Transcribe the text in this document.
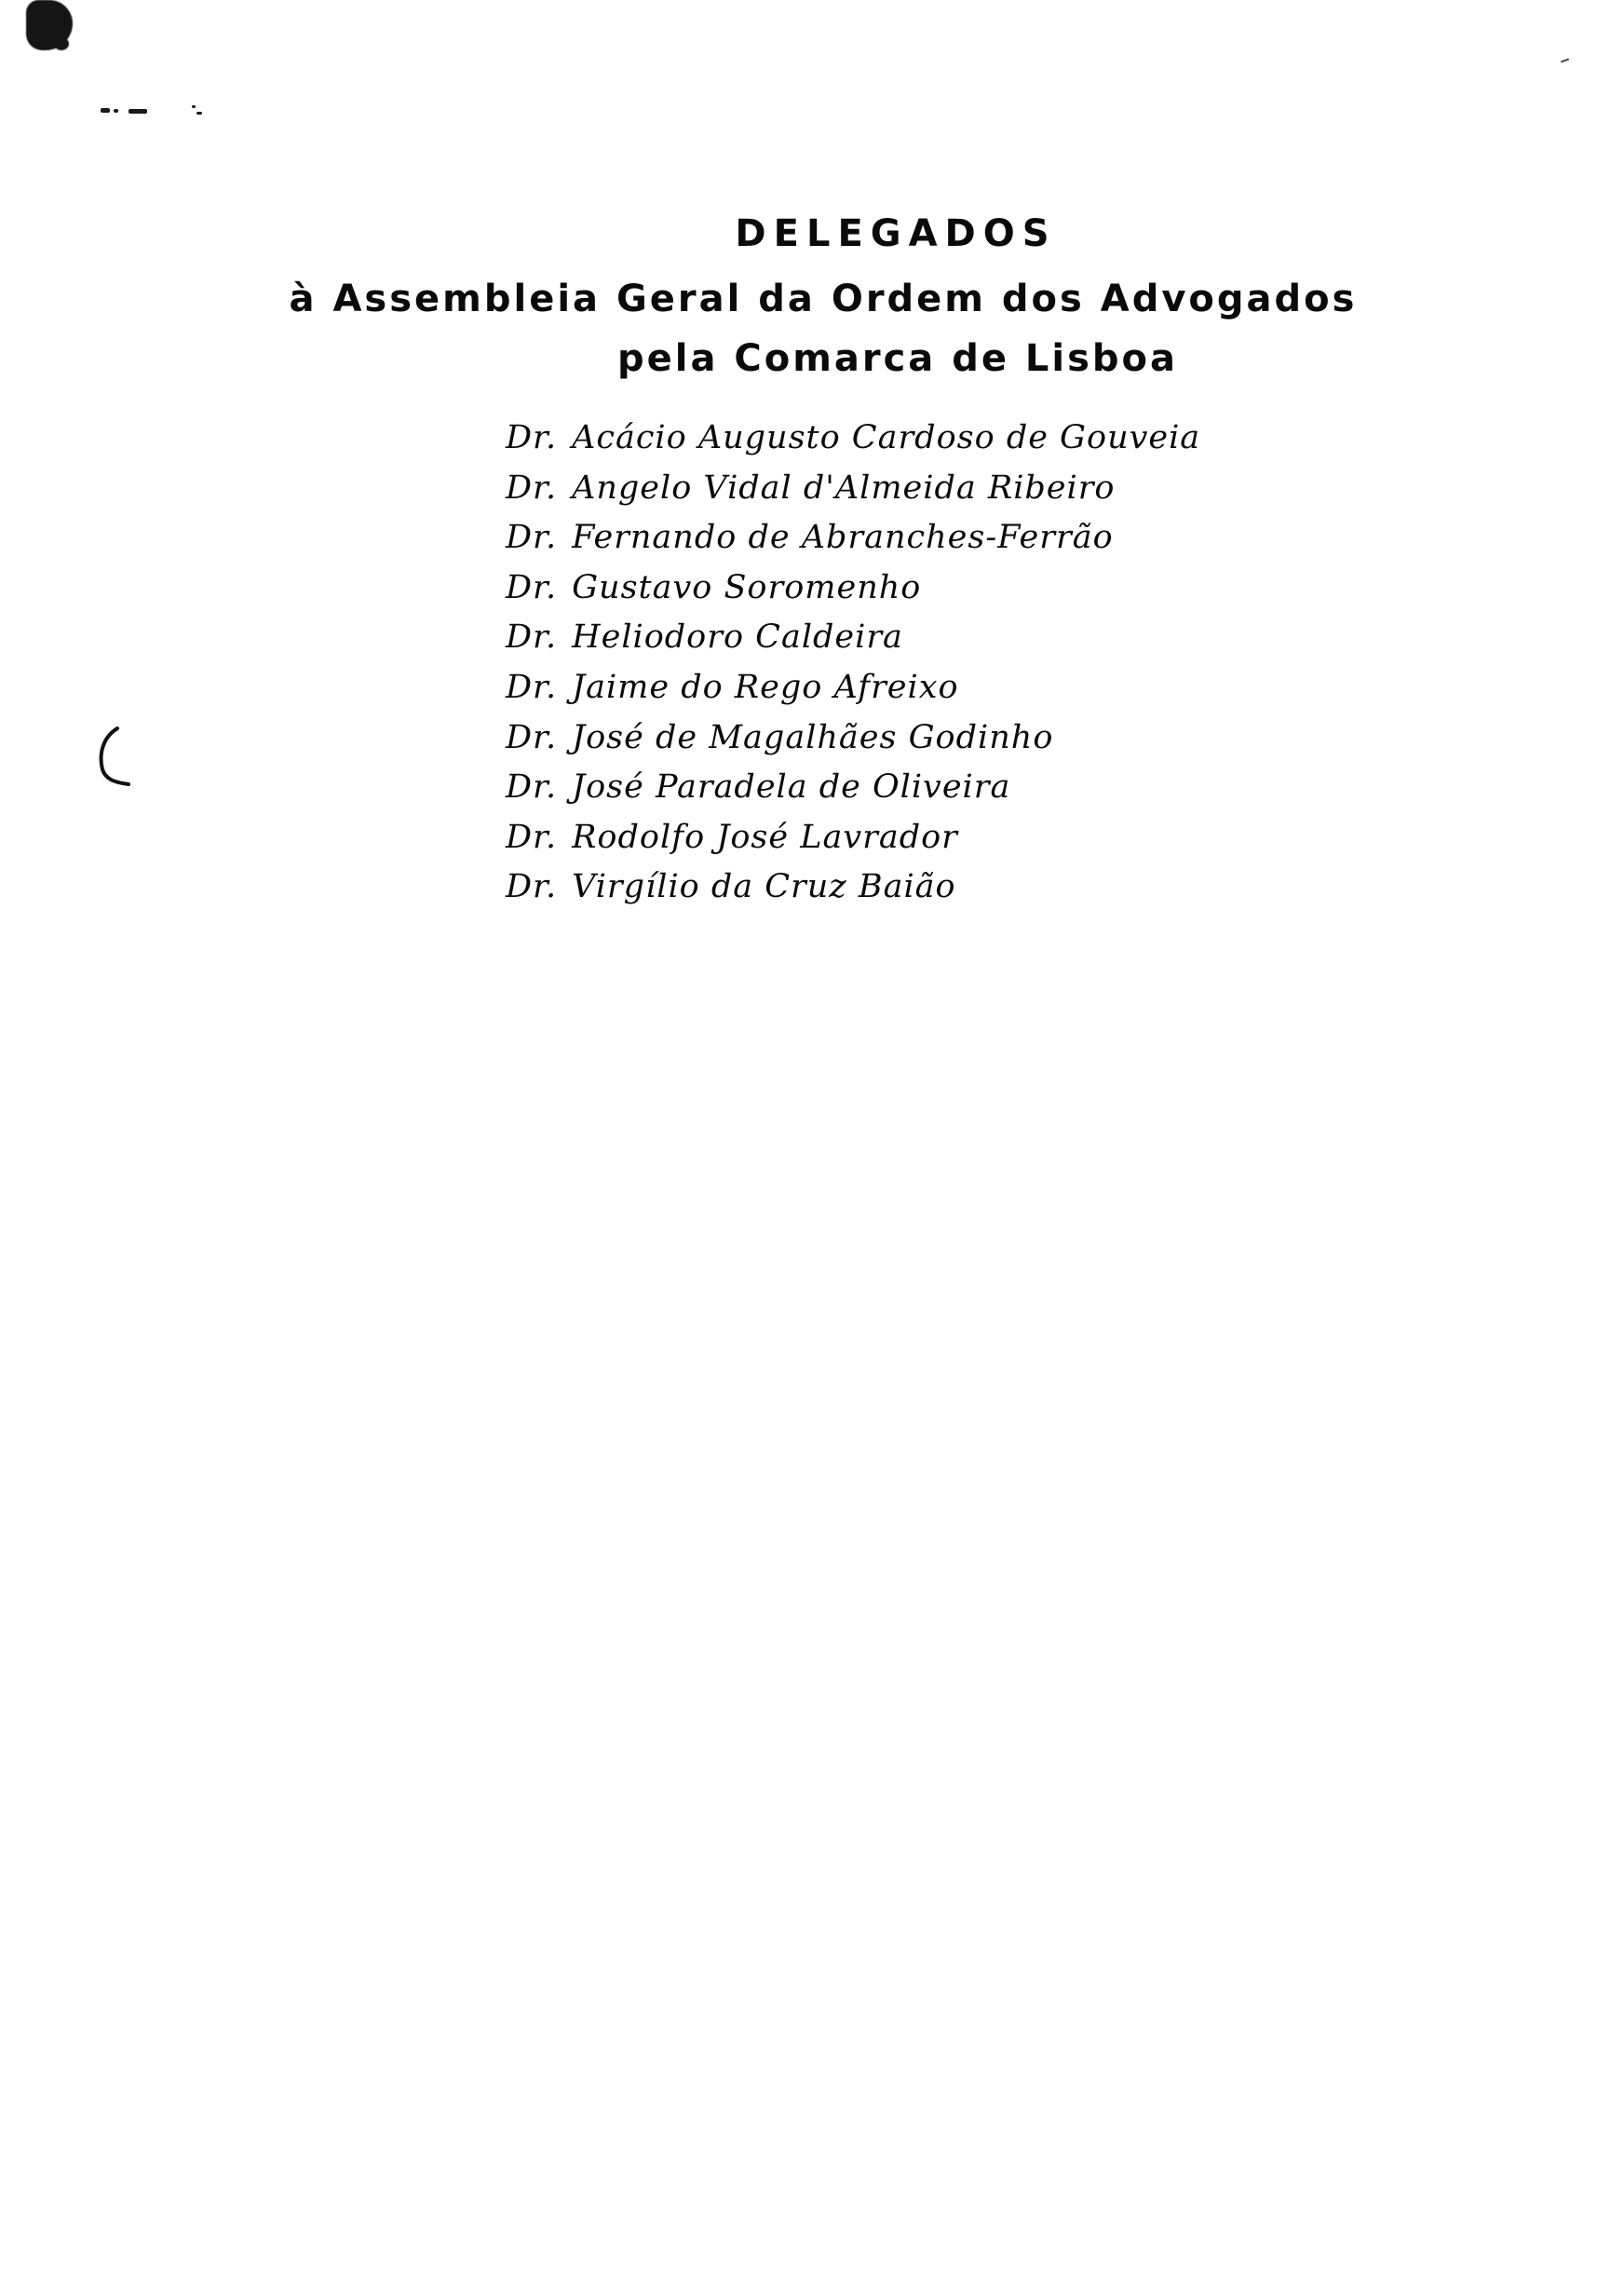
DELEGADOS
à Assembleia Geral da Ordem dos Advogados
pela Comarca de Lisboa
Dr. Acácio Augusto Cardoso de Gouveia
Dr. Angelo Vidal d'Almeida Ribeiro
Dr. Fernando de Abranches-Ferrão
Dr. Gustavo Soromenho
Dr. Heliodoro Caldeira
Dr. Jaime do Rego Afreixo
Dr. José de Magalhães Godinho
Dr. José Paradela de Oliveira
Dr. Rodolfo José Lavrador
Dr. Virgílio da Cruz Baião
